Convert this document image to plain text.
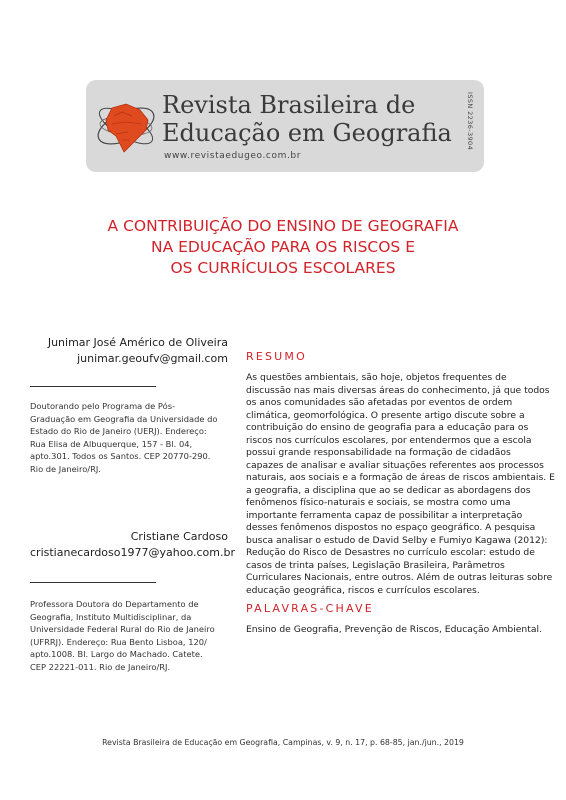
Revista Brasileira de
Educação em Geografia
www.revistaedugeo.com.br
ISSN 2236-3904
A CONTRIBUIÇÃO DO ENSINO DE GEOGRAFIA
NA EDUCAÇÃO PARA OS RISCOS E
OS CURRÍCULOS ESCOLARES
Junimar José Américo de Oliveira
junimar.geoufv@gmail.com
Doutorando pelo Programa de Pós-
Graduação em Geografia da Universidade do
Estado do Rio de Janeiro (UERJ). Endereço:
Rua Elisa de Albuquerque, 157 - Bl. 04,
apto.301. Todos os Santos. CEP 20770-290.
Rio de Janeiro/RJ.
Cristiane Cardoso
cristianecardoso1977@yahoo.com.br
Professora Doutora do Departamento de
Geografia, Instituto Multidisciplinar, da
Universidade Federal Rural do Rio de Janeiro
(UFRRJ). Endereço: Rua Bento Lisboa, 120/
apto.1008. Bl. Largo do Machado. Catete.
CEP 22221-011. Rio de Janeiro/RJ.
RESUMO
As questões ambientais, são hoje, objetos frequentes de
discussão nas mais diversas áreas do conhecimento, já que todos
os anos comunidades são afetadas por eventos de ordem
climática, geomorfológica. O presente artigo discute sobre a
contribuição do ensino de geografia para a educação para os
riscos nos currículos escolares, por entendermos que a escola
possui grande responsabilidade na formação de cidadãos
capazes de analisar e avaliar situações referentes aos processos
naturais, aos sociais e a formação de áreas de riscos ambientais. E
a geografia, a disciplina que ao se dedicar as abordagens dos
fenômenos físico-naturais e sociais, se mostra como uma
importante ferramenta capaz de possibilitar a interpretação
desses fenômenos dispostos no espaço geográfico. A pesquisa
busca analisar o estudo de David Selby e Fumiyo Kagawa (2012):
Redução do Risco de Desastres no currículo escolar: estudo de
casos de trinta países, Legislação Brasileira, Parâmetros
Curriculares Nacionais, entre outros. Além de outras leituras sobre
educação geográfica, riscos e currículos escolares.
PALAVRAS-CHAVE
Ensino de Geografia, Prevenção de Riscos, Educação Ambiental.
Revista Brasileira de Educação em Geografia, Campinas, v. 9, n. 17, p. 68-85, jan./jun., 2019
